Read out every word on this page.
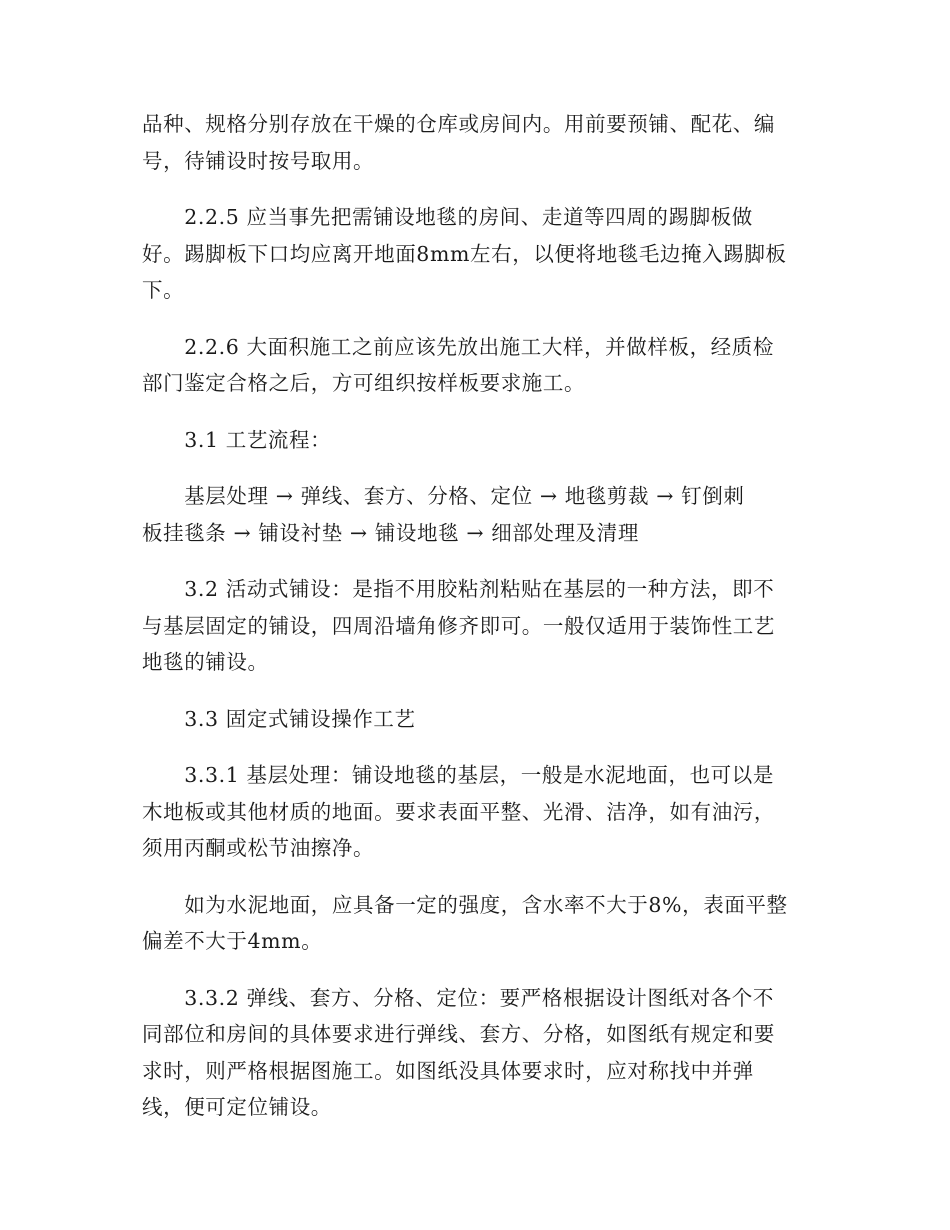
品种、规格分别存放在干燥的仓库或房间内。用前要预铺、配花、编
号，待铺设时按号取用。

　　2.2.5 应当事先把需铺设地毯的房间、走道等四周的踢脚板做
好。踢脚板下口均应离开地面8mm左右，以便将地毯毛边掩入踢脚板
下。

　　2.2.6 大面积施工之前应该先放出施工大样，并做样板，经质检
部门鉴定合格之后，方可组织按样板要求施工。

　　3.1 工艺流程：

　　基层处理 → 弹线、套方、分格、定位 → 地毯剪裁 → 钉倒刺
板挂毯条 → 铺设衬垫 → 铺设地毯 → 细部处理及清理

　　3.2 活动式铺设：是指不用胶粘剂粘贴在基层的一种方法，即不
与基层固定的铺设，四周沿墙角修齐即可。一般仅适用于装饰性工艺
地毯的铺设。

　　3.3 固定式铺设操作工艺

　　3.3.1 基层处理：铺设地毯的基层，一般是水泥地面，也可以是
木地板或其他材质的地面。要求表面平整、光滑、洁净，如有油污，
须用丙酮或松节油擦净。

　　如为水泥地面，应具备一定的强度，含水率不大于8%，表面平整
偏差不大于4mm。

　　3.3.2 弹线、套方、分格、定位：要严格根据设计图纸对各个不
同部位和房间的具体要求进行弹线、套方、分格，如图纸有规定和要
求时，则严格根据图施工。如图纸没具体要求时，应对称找中并弹
线，便可定位铺设。
